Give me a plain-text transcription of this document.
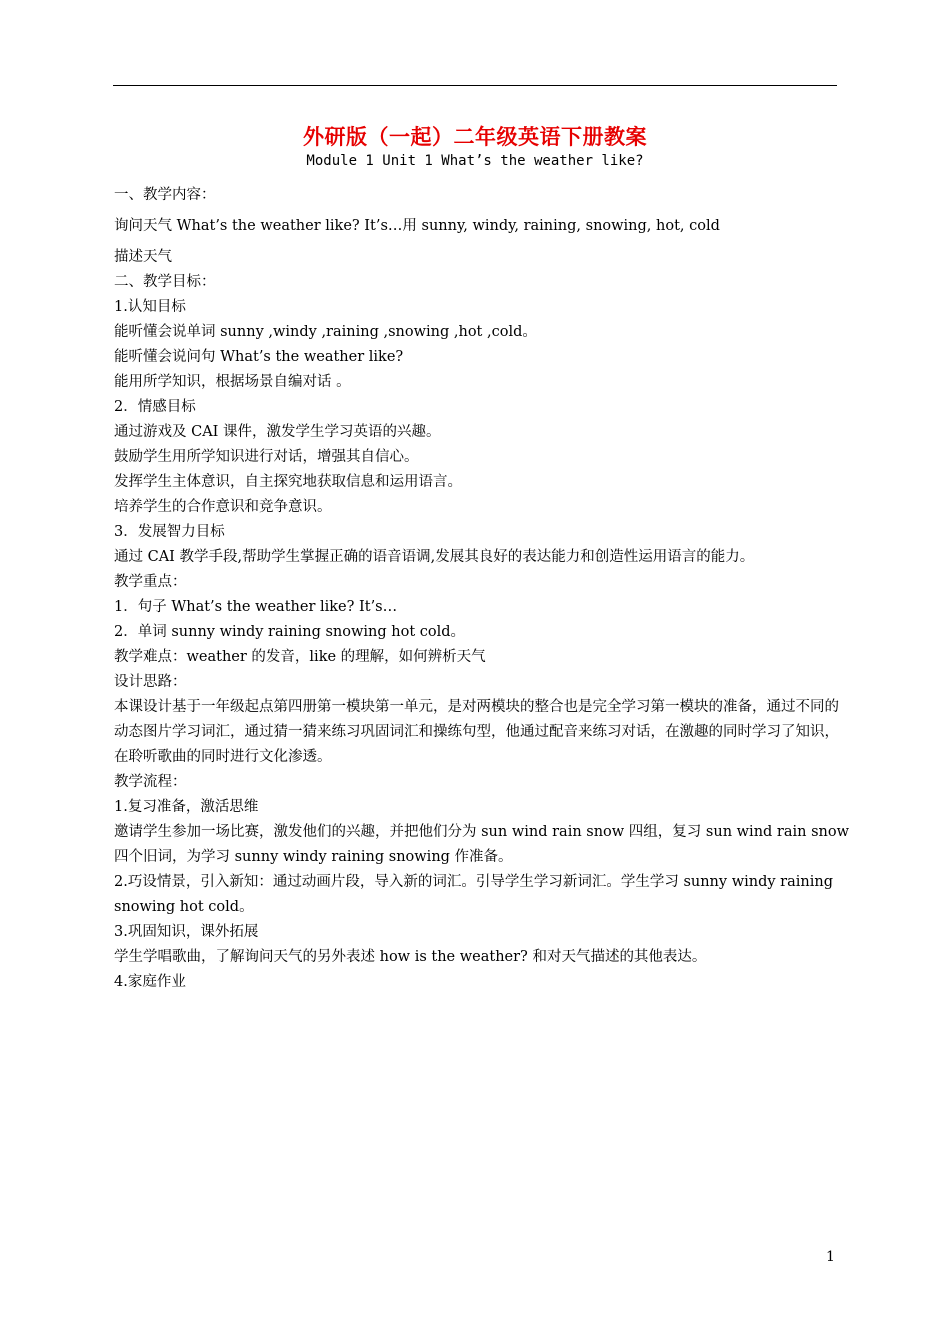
外研版（一起）二年级英语下册教案
Module 1 Unit 1 What’s the weather like?
一、教学内容：
询问天气 What’s the weather like? It’s…用 sunny, windy, raining, snowing, hot, cold
描述天气
二、教学目标：
1.认知目标
能听懂会说单词 sunny ,windy ,raining ,snowing ,hot ,cold。
能听懂会说问句 What’s the weather like?
能用所学知识，根据场景自编对话 。
2．情感目标
通过游戏及 CAI 课件，激发学生学习英语的兴趣。
鼓励学生用所学知识进行对话，增强其自信心。
发挥学生主体意识，自主探究地获取信息和运用语言。
培养学生的合作意识和竞争意识。
3．发展智力目标
通过 CAI 教学手段,帮助学生掌握正确的语音语调,发展其良好的表达能力和创造性运用语言的能力。
教学重点：
1．句子 What’s the weather like? It’s…
2．单词 sunny windy raining snowing hot cold。
教学难点：weather 的发音，like 的理解，如何辨析天气
设计思路：
本课设计基于一年级起点第四册第一模块第一单元，是对两模块的整合也是完全学习第一模块的准备，通过不同的动态图片学习词汇，通过猜一猜来练习巩固词汇和操练句型，他通过配音来练习对话，在激趣的同时学习了知识，在聆听歌曲的同时进行文化渗透。
教学流程：
1.复习准备，激活思维
邀请学生参加一场比赛，激发他们的兴趣，并把他们分为 sun wind rain snow 四组，复习 sun wind rain snow 四个旧词，为学习 sunny windy raining snowing 作准备。
2.巧设情景，引入新知：通过动画片段，导入新的词汇。引导学生学习新词汇。学生学习 sunny windy raining snowing hot cold。
3.巩固知识，课外拓展
学生学唱歌曲，了解询问天气的另外表述 how is the weather? 和对天气描述的其他表达。
4.家庭作业
1
